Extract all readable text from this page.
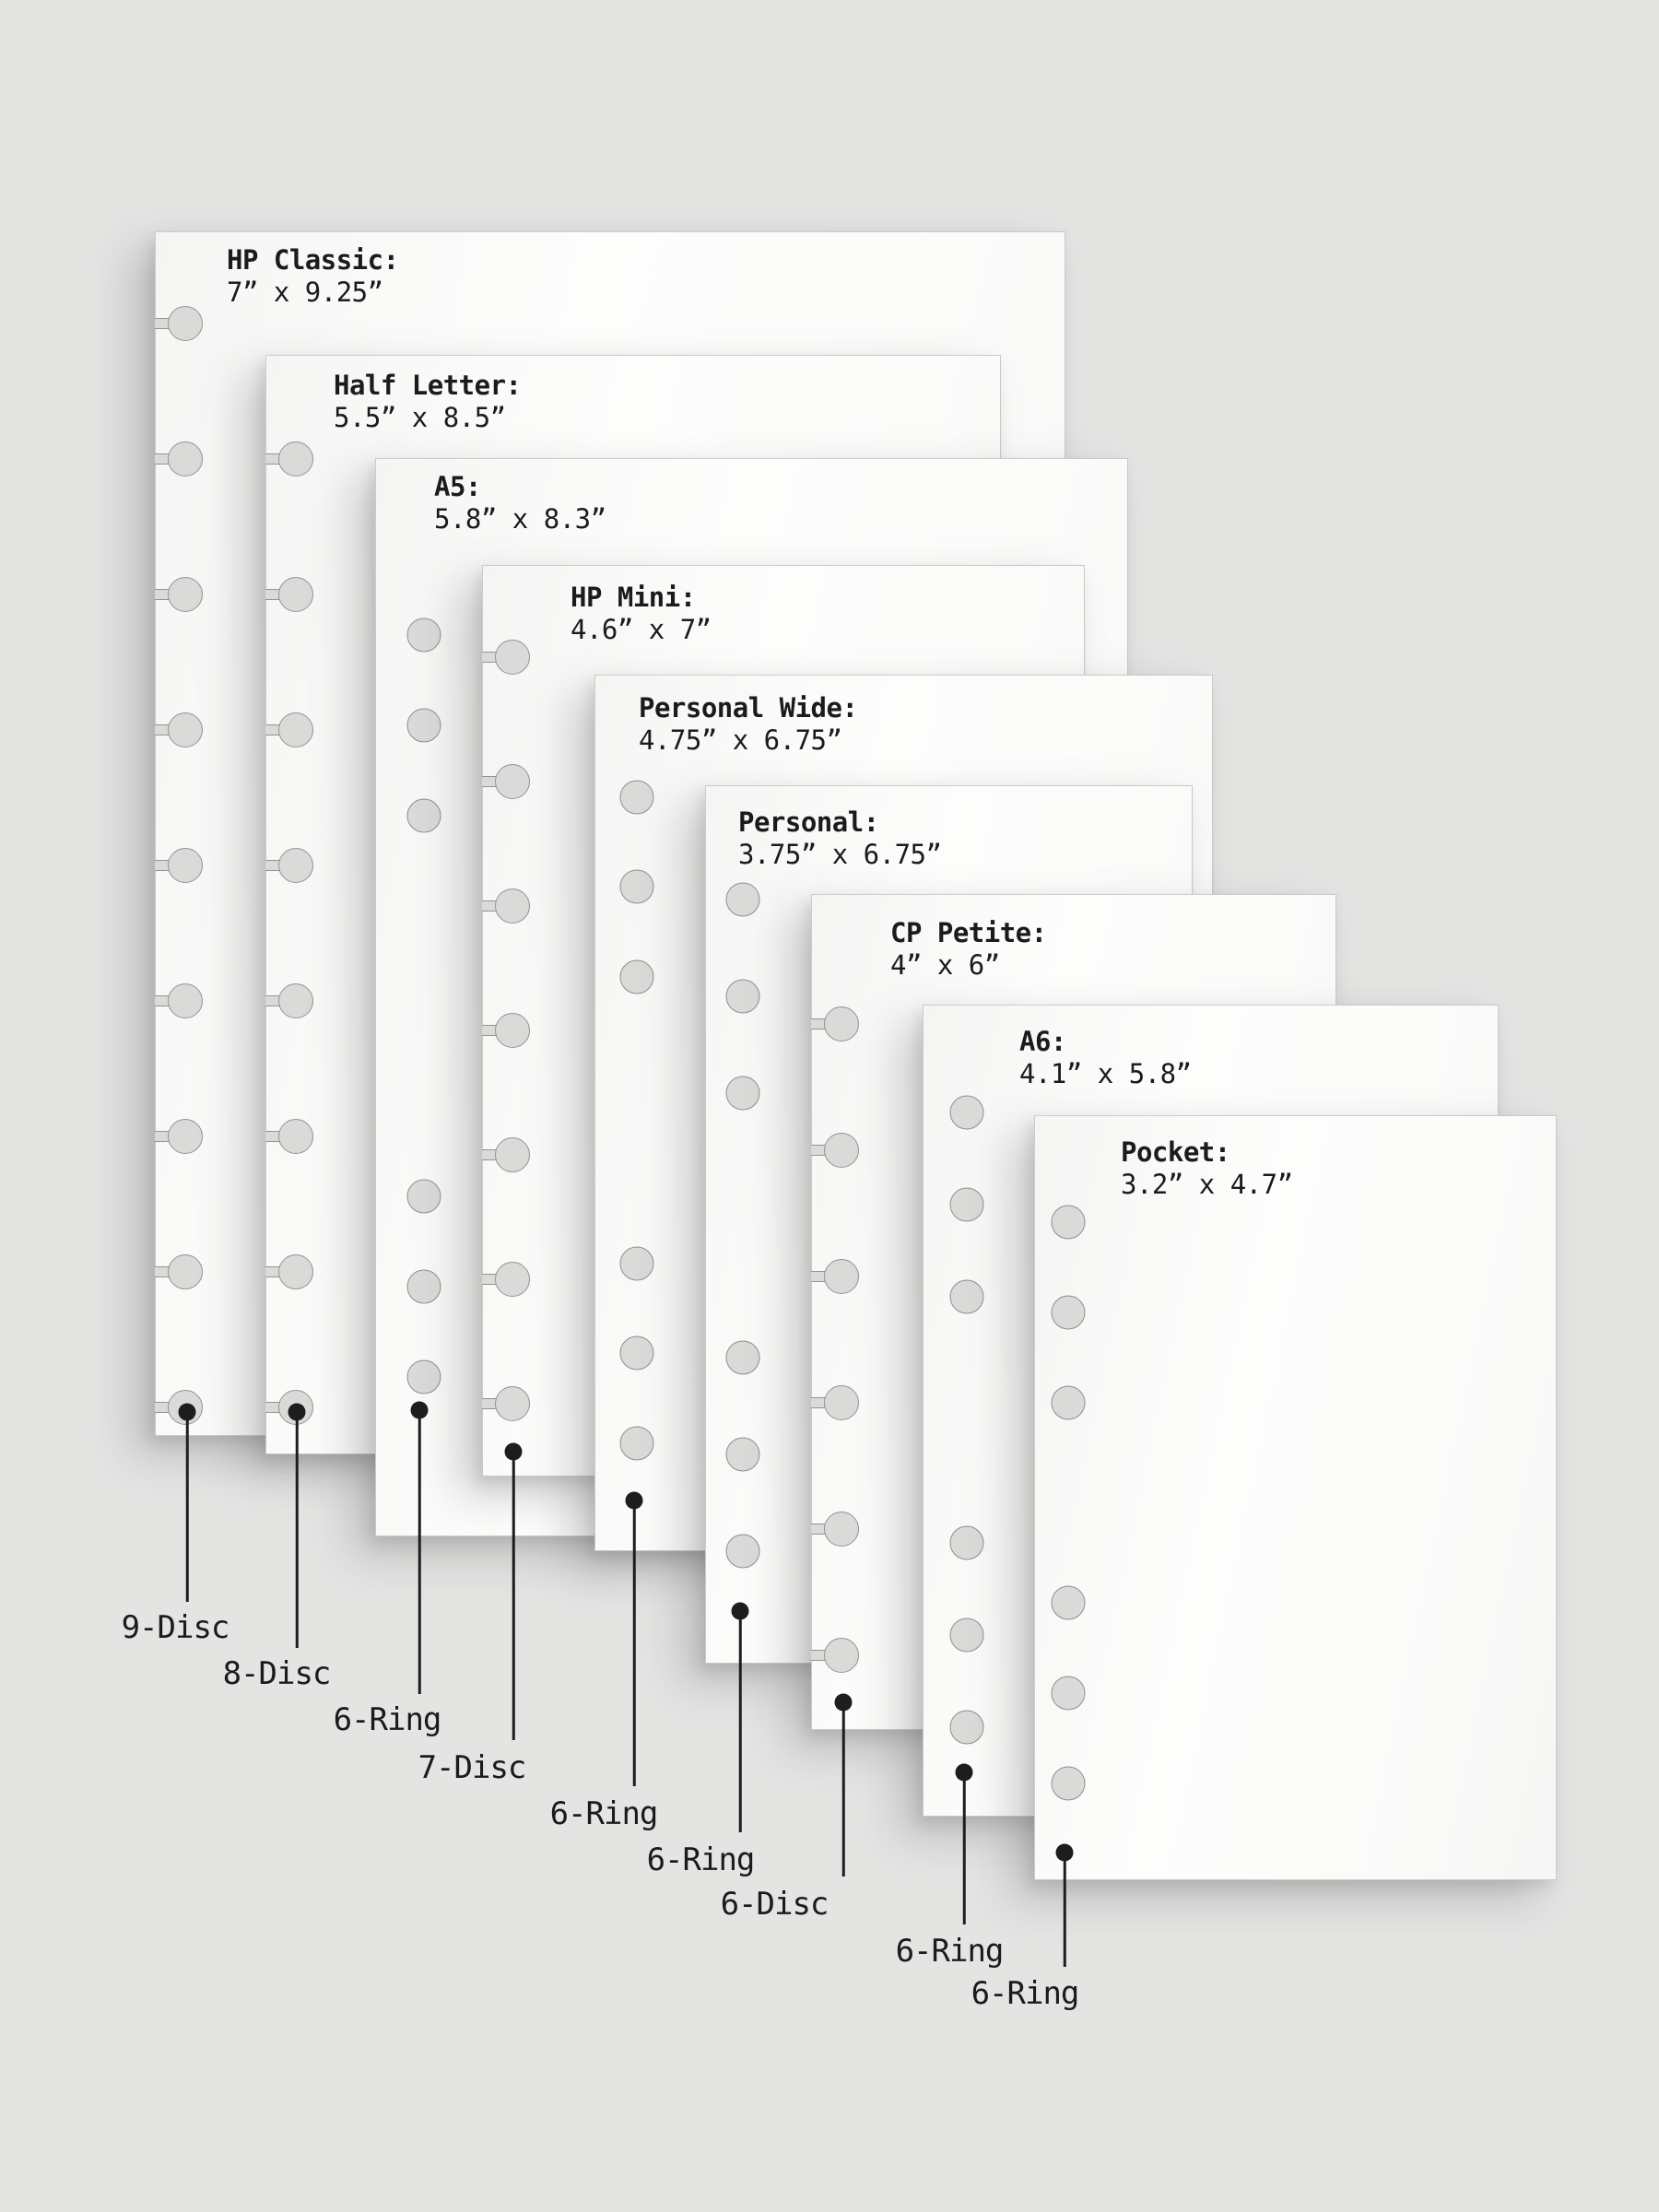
HP Classic:
7” x 9.25”
Half Letter:
5.5” x 8.5”
A5:
5.8” x 8.3”
HP Mini:
4.6” x 7”
Personal Wide:
4.75” x 6.75”
Personal:
3.75” x 6.75”
CP Petite:
4” x 6”
A6:
4.1” x 5.8”
Pocket:
3.2” x 4.7”
9-Disc
8-Disc
6-Ring
7-Disc
6-Ring
6-Ring
6-Disc
6-Ring
6-Ring
